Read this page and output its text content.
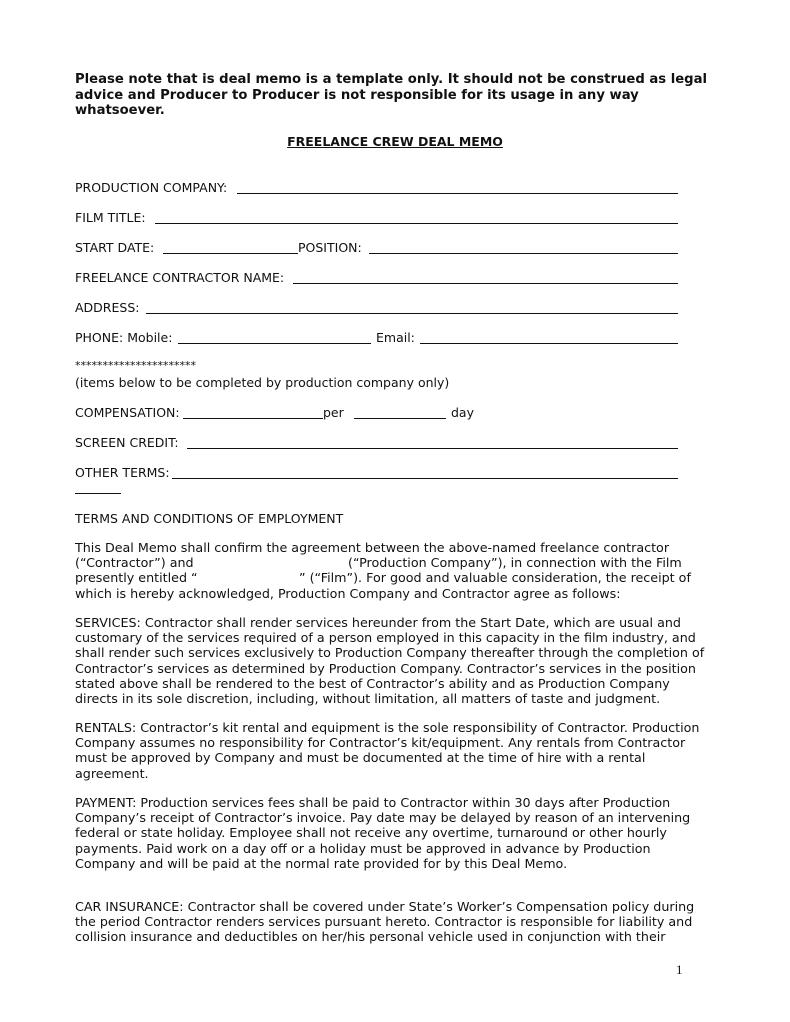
Please note that is deal memo is a template only. It should not be construed as legal advice and Producer to Producer is not responsible for its usage in any way whatsoever.
FREELANCE CREW DEAL MEMO
PRODUCTION COMPANY:
FILM TITLE:
START DATE:	POSITION:
FREELANCE CONTRACTOR NAME:
ADDRESS:
PHONE: Mobile:	Email:
**********************
(items below to be completed by production company only)
COMPENSATION:	per	day
SCREEN CREDIT:
OTHER TERMS:
TERMS AND CONDITIONS OF EMPLOYMENT

This Deal Memo shall confirm the agreement between the above-named freelance contractor

(“Contractor”) and	(“Production Company”), in connection with the Film

presently entitled “	” (“Film”). For good and valuable consideration, the receipt of

which is hereby acknowledged, Production Company and Contractor agree as follows:

SERVICES: Contractor shall render services hereunder from the Start Date, which are usual and

customary of the services required of a person employed in this capacity in the film industry, and

shall render such services exclusively to Production Company thereafter through the completion of

Contractor’s services as determined by Production Company. Contractor’s services in the position

stated above shall be rendered to the best of Contractor’s ability and as Production Company

directs in its sole discretion, including, without limitation, all matters of taste and judgment.

RENTALS: Contractor’s kit rental and equipment is the sole responsibility of Contractor. Production

Company assumes no responsibility for Contractor’s kit/equipment. Any rentals from Contractor

must be approved by Company and must be documented at the time of hire with a rental

agreement.

PAYMENT: Production services fees shall be paid to Contractor within 30 days after Production

Company’s receipt of Contractor’s invoice. Pay date may be delayed by reason of an intervening

federal or state holiday. Employee shall not receive any overtime, turnaround or other hourly

payments. Paid work on a day off or a holiday must be approved in advance by Production

Company and will be paid at the normal rate provided for by this Deal Memo.

CAR INSURANCE: Contractor shall be covered under State’s Worker’s Compensation policy during

the period Contractor renders services pursuant hereto. Contractor is responsible for liability and

collision insurance and deductibles on her/his personal vehicle used in conjunction with their

1
